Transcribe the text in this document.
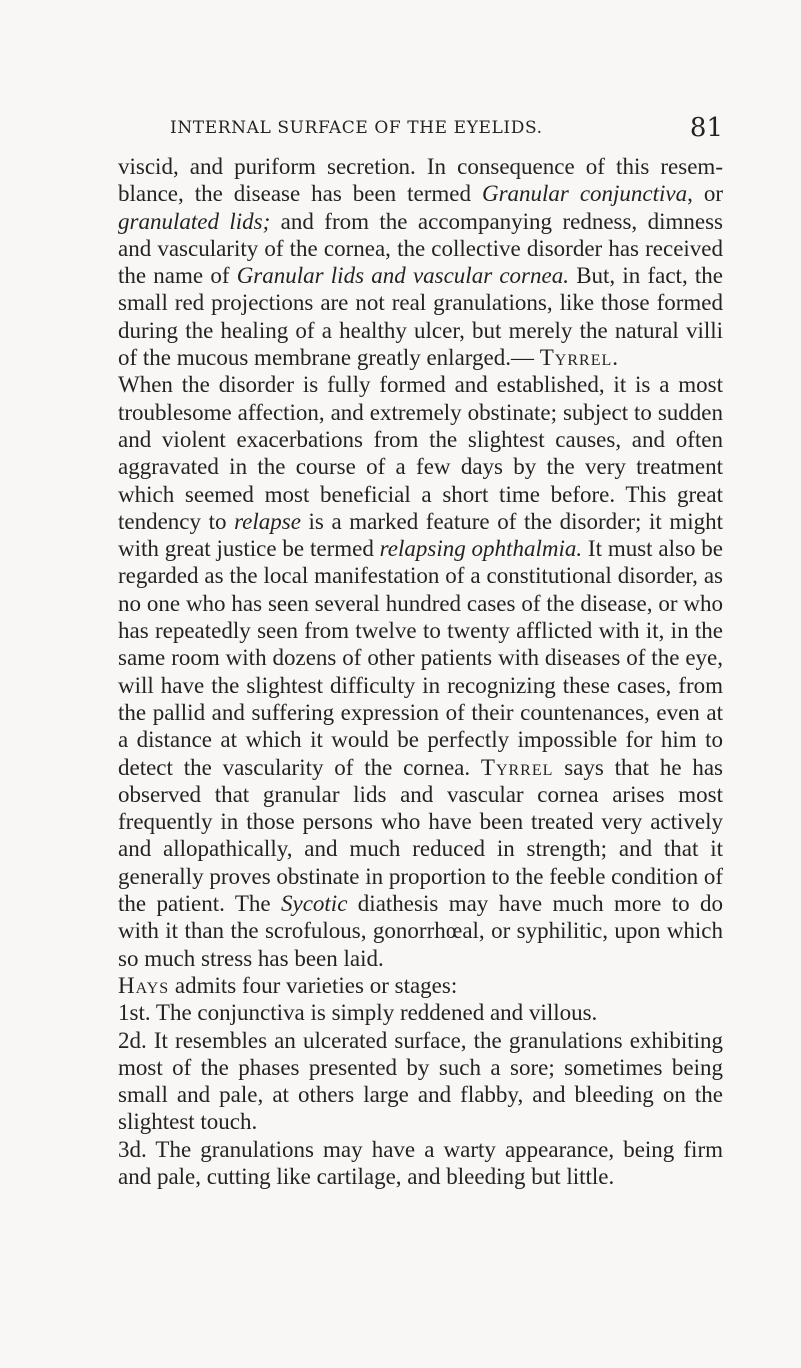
INTERNAL SURFACE OF THE EYELIDS.	81

viscid, and puriform secretion. In consequence of this resemblance, the disease has been termed Granular conjunctiva, or granulated lids; and from the accompanying redness, dimness and vascularity of the cornea, the collective disorder has received the name of Granular lids and vascular cornea. But, in fact, the small red projections are not real granulations, like those formed during the healing of a healthy ulcer, but merely the natural villi of the mucous membrane greatly enlarged.— Tyrrel.

When the disorder is fully formed and established, it is a most troublesome affection, and extremely obstinate; subject to sudden and violent exacerbations from the slightest causes, and often aggravated in the course of a few days by the very treatment which seemed most beneficial a short time before. This great tendency to relapse is a marked feature of the disorder; it might with great justice be termed relapsing ophthalmia. It must also be regarded as the local manifestation of a constitutional disorder, as no one who has seen several hundred cases of the disease, or who has repeatedly seen from twelve to twenty afflicted with it, in the same room with dozens of other patients with diseases of the eye, will have the slightest difficulty in recognizing these cases, from the pallid and suffering expression of their countenances, even at a distance at which it would be perfectly impossible for him to detect the vascularity of the cornea. Tyrrel says that he has observed that granular lids and vascular cornea arises most frequently in those persons who have been treated very actively and allopathically, and much reduced in strength; and that it generally proves obstinate in proportion to the feeble condition of the patient. The Sycotic diathesis may have much more to do with it than the scrofulous, gonorrhœal, or syphilitic, upon which so much stress has been laid.

Hays admits four varieties or stages:

1st. The conjunctiva is simply reddened and villous.

2d. It resembles an ulcerated surface, the granulations exhibiting most of the phases presented by such a sore; sometimes being small and pale, at others large and flabby, and bleeding on the slightest touch.

3d. The granulations may have a warty appearance, being firm and pale, cutting like cartilage, and bleeding but little.
